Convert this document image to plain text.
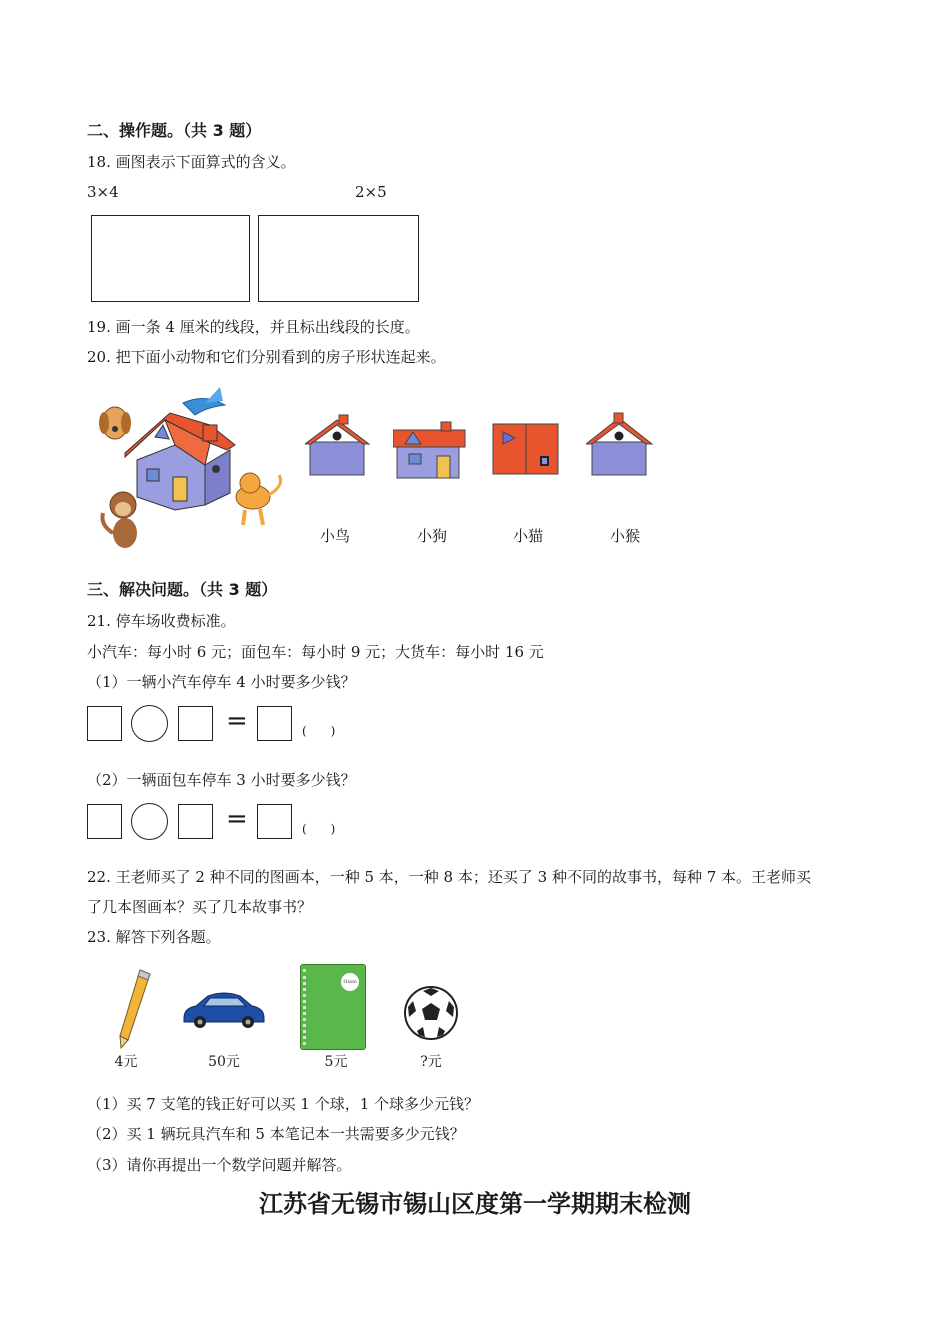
二、操作题。（共 3 题）
18. 画图表示下面算式的含义。
3×4	2×5
19. 画一条 4 厘米的线段，并且标出线段的长度。
20. 把下面小动物和它们分别看到的房子形状连起来。
小鸟	小狗	小猫	小猴
三、解决问题。（共 3 题）
21. 停车场收费标准。
小汽车：每小时 6 元；面包车：每小时 9 元；大货车：每小时 16 元
（1）一辆小汽车停车 4 小时要多少钱？
=	(　　)
（2）一辆面包车停车 3 小时要多少钱？
=	(　　)
22. 王老师买了 2 种不同的图画本，一种 5 本，一种 8 本；还买了 3 种不同的故事书，每种 7 本。王老师买
了几本图画本？买了几本故事书？
23. 解答下列各题。
Hmm
4元	50元	5元	?元
（1）买 7 支笔的钱正好可以买 1 个球，1 个球多少元钱？
（2）买 1 辆玩具汽车和 5 本笔记本一共需要多少元钱？
（3）请你再提出一个数学问题并解答。
江苏省无锡市锡山区度第一学期期末检测
